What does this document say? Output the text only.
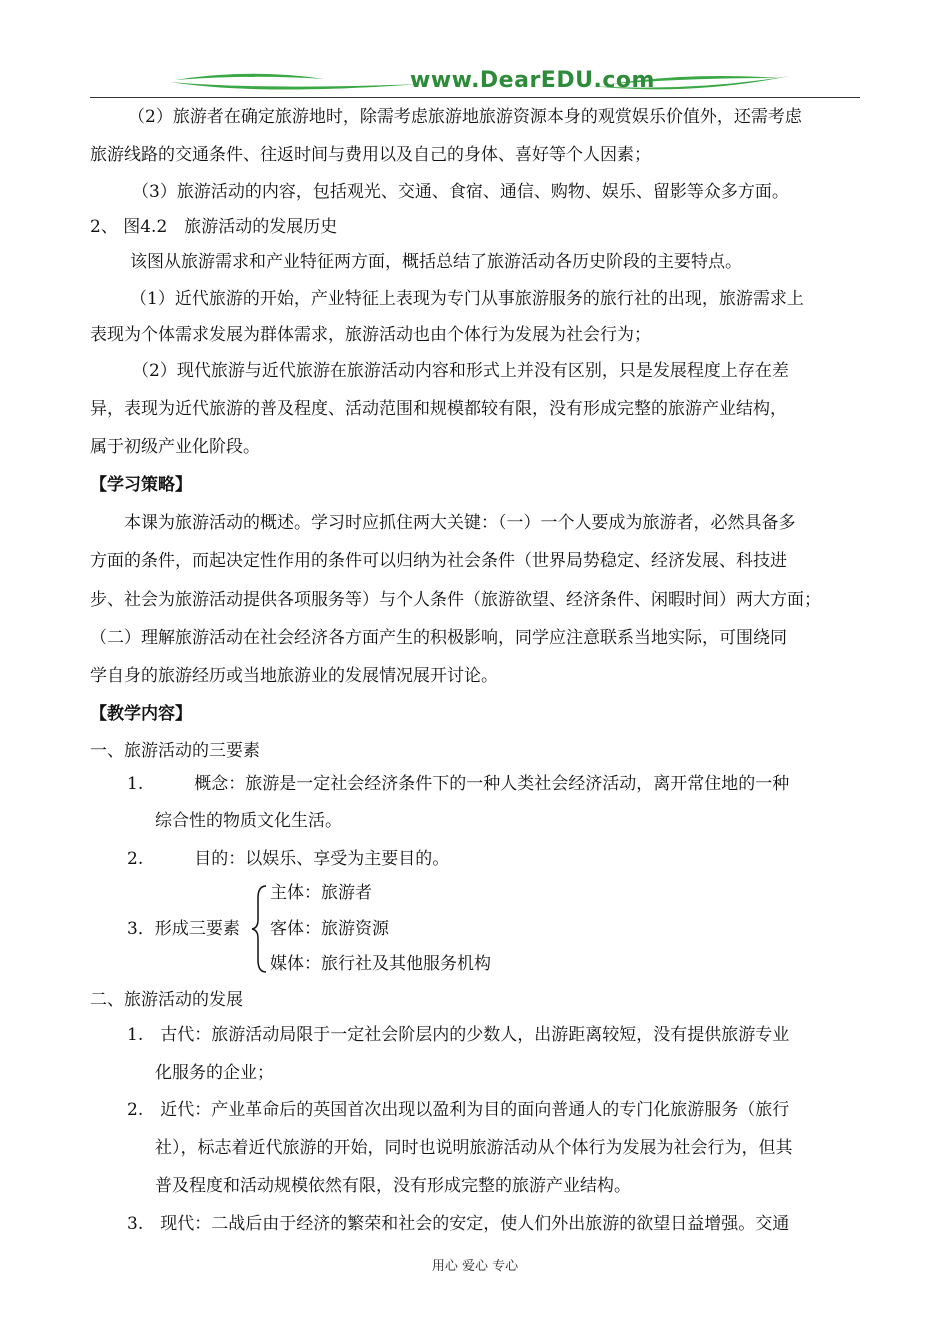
www.DearEDU.com
（2）旅游者在确定旅游地时，除需考虑旅游地旅游资源本身的观赏娱乐价值外，还需考虑
旅游线路的交通条件、往返时间与费用以及自己的身体、喜好等个人因素；
（3）旅游活动的内容，包括观光、交通、食宿、通信、购物、娱乐、留影等众多方面。
2、 图4.2　旅游活动的发展历史
该图从旅游需求和产业特征两方面，概括总结了旅游活动各历史阶段的主要特点。
（1）近代旅游的开始，产业特征上表现为专门从事旅游服务的旅行社的出现，旅游需求上
表现为个体需求发展为群体需求，旅游活动也由个体行为发展为社会行为；
（2）现代旅游与近代旅游在旅游活动内容和形式上并没有区别，只是发展程度上存在差
异，表现为近代旅游的普及程度、活动范围和规模都较有限，没有形成完整的旅游产业结构，
属于初级产业化阶段。
【学习策略】
本课为旅游活动的概述。学习时应抓住两大关键：（一）一个人要成为旅游者，必然具备多
方面的条件，而起决定性作用的条件可以归纳为社会条件（世界局势稳定、经济发展、科技进
步、社会为旅游活动提供各项服务等）与个人条件（旅游欲望、经济条件、闲暇时间）两大方面；
（二）理解旅游活动在社会经济各方面产生的积极影响，同学应注意联系当地实际，可围绕同
学自身的旅游经历或当地旅游业的发展情况展开讨论。
【教学内容】
一、旅游活动的三要素
1.　　　概念：旅游是一定社会经济条件下的一种人类社会经济活动，离开常住地的一种
综合性的物质文化生活。
2.　　　目的：以娱乐、享受为主要目的。
主体：旅游者
3．形成三要素 客体：旅游资源
媒体：旅行社及其他服务机构
二、旅游活动的发展
1.　古代：旅游活动局限于一定社会阶层内的少数人，出游距离较短，没有提供旅游专业
化服务的企业；
2.　近代：产业革命后的英国首次出现以盈利为目的面向普通人的专门化旅游服务（旅行
社），标志着近代旅游的开始，同时也说明旅游活动从个体行为发展为社会行为，但其
普及程度和活动规模依然有限，没有形成完整的旅游产业结构。
3.　现代：二战后由于经济的繁荣和社会的安定，使人们外出旅游的欲望日益增强。交通
用心 爱心 专心
